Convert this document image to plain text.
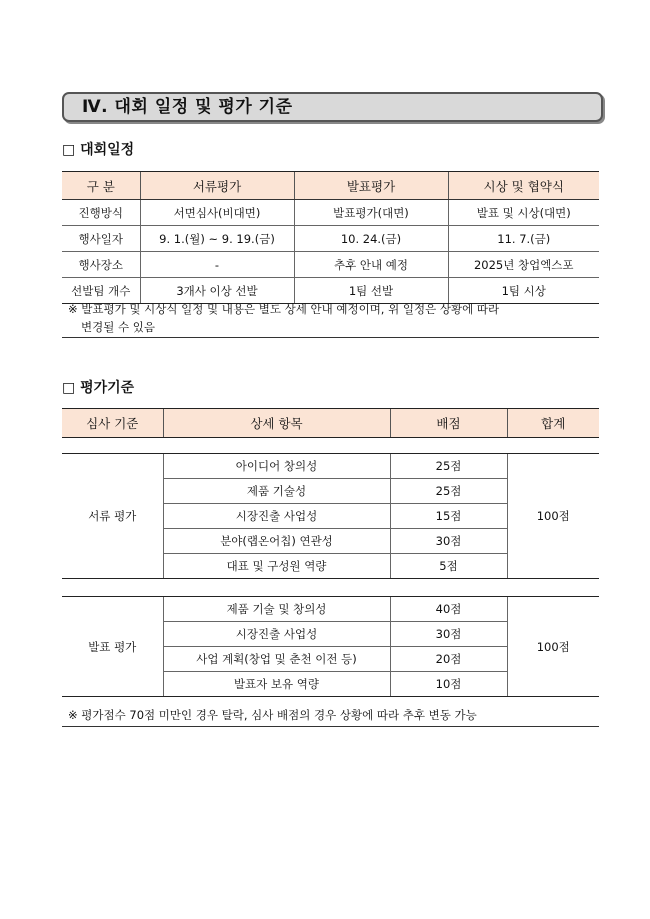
Ⅳ. 대회 일정 및 평가 기준
□ 대회일정
구 분	서류평가	발표평가	시상 및 협약식
진행방식	서면심사(비대면)	발표평가(대면)	발표 및 시상(대면)
행사일자	9. 1.(월) ~ 9. 19.(금)	10. 24.(금)	11. 7.(금)
행사장소	-	추후 안내 예정	2025년 창업엑스포
선발팀 개수	3개사 이상 선발	1팀 선발	1팀 시상
※ 발표평가 및 시상식 일정 및 내용은 별도 상세 안내 예정이며, 위 일정은 상황에 따라
변경될 수 있음
□ 평가기준
심사 기준	상세 항목	배점	합계
서류 평가	아이디어 창의성	25점	100점
	제품 기술성	25점	
	시장진출 사업성	15점	
	분야(랩온어칩) 연관성	30점	
	대표 및 구성원 역량	5점	
발표 평가	제품 기술 및 창의성	40점	100점
	시장진출 사업성	30점	
	사업 계획(창업 및 춘천 이전 등)	20점	
	발표자 보유 역량	10점	
※ 평가점수 70점 미만인 경우 탈락, 심사 배점의 경우 상황에 따라 추후 변동 가능
